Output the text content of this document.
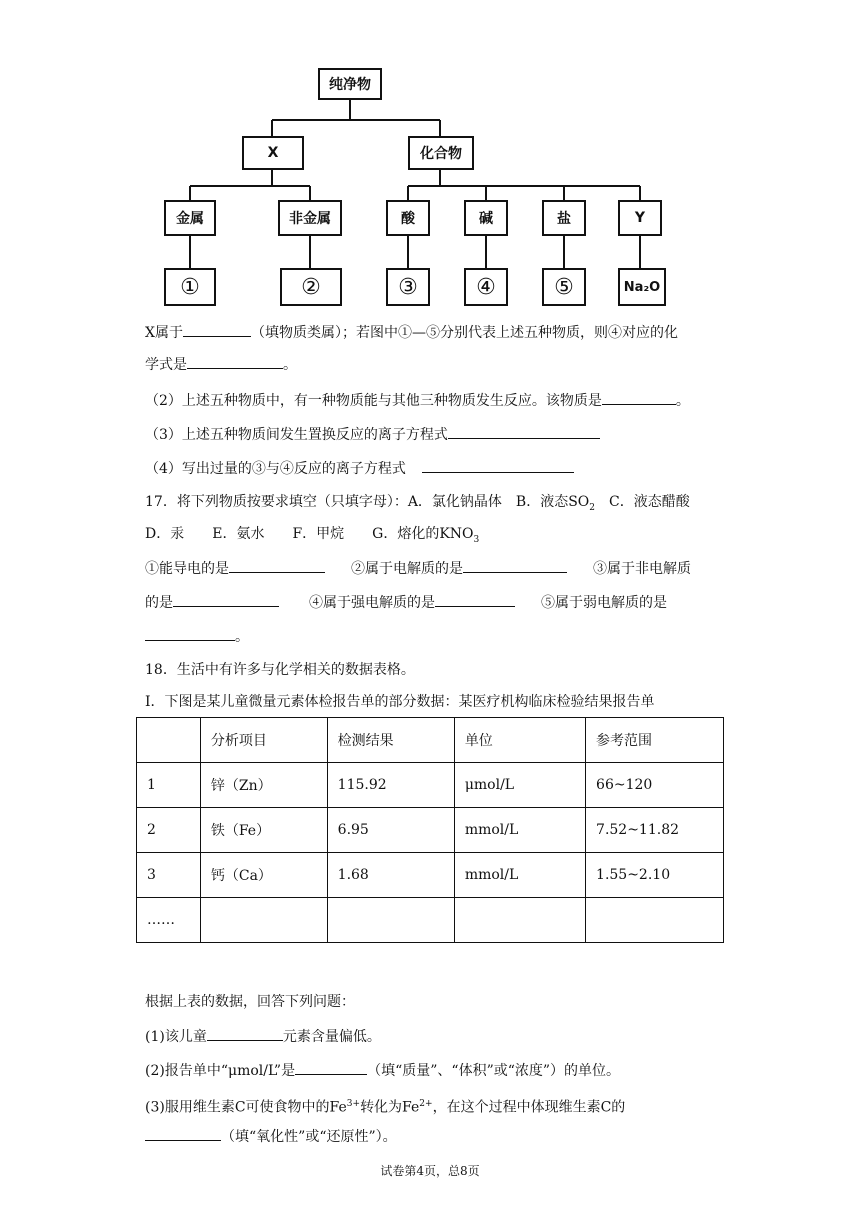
纯净物
X	化合物
金属	非金属	酸	碱	盐	Y
①	②	③	④	⑤	Na₂O
X属于	（填物质类属）；若图中①—⑤分别代表上述五种物质，则④对应的化
学式是	。
（2）上述五种物质中，有一种物质能与其他三种物质发生反应。该物质是	。
（3）上述五种物质间发生置换反应的离子方程式
（4）写出过量的③与④反应的离子方程式
17．将下列物质按要求填空（只填字母）：A．氯化钠晶体　B．液态$SO_2$　C．液态醋酸
D．汞　　E．氨水　　F．甲烷　　G．熔化的$KNO_3$
①能导电的是	②属于电解质的是	③属于非电解质
的是	④属于强电解质的是	⑤属于弱电解质的是
。
18．生活中有许多与化学相关的数据表格。
Ⅰ．下图是某儿童微量元素体检报告单的部分数据：某医疗机构临床检验结果报告单
	分析项目	检测结果	单位	参考范围
1	锌（Zn）	115.92	μmol/L	66~120
2	铁（Fe）	6.95	mmol/L	7.52~11.82
3	钙（Ca）	1.68	mmol/L	1.55~2.10
……				
根据上表的数据，回答下列问题：
(1)该儿童	元素含量偏低。
(2)报告单中“μmol/L”是	（填“质量”、“体积”或“浓度”）的单位。
(3)服用维生素C可使食物中的$Fe^{3+}$转化为$Fe^{2+}$，在这个过程中体现维生素C的
（填“氧化性”或“还原性”）。
试卷第4页，总8页
